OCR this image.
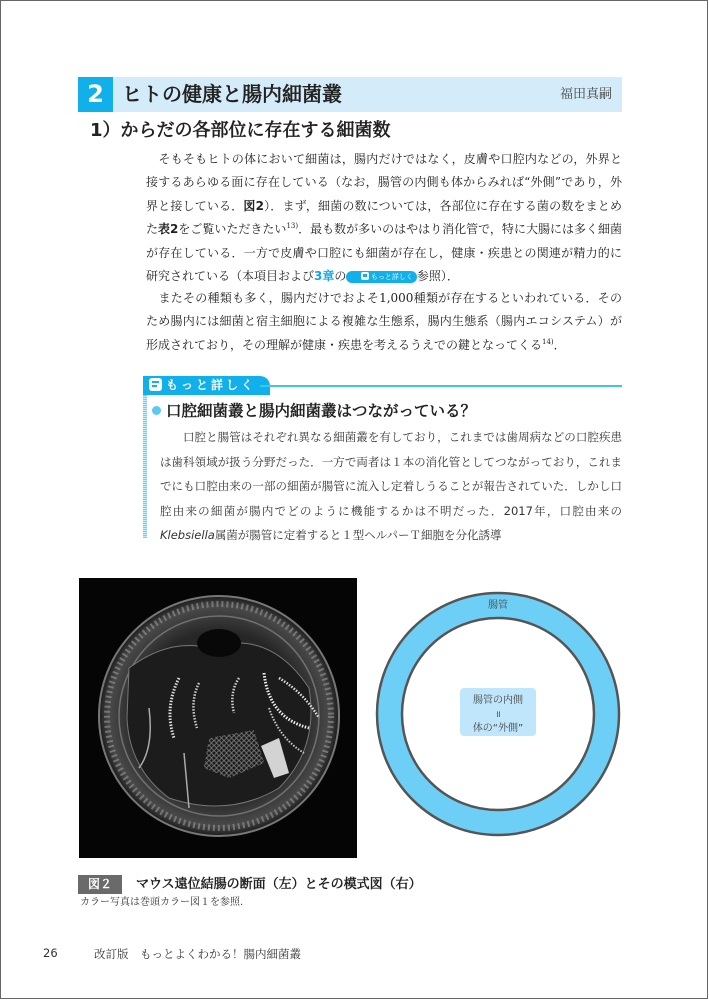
2 ヒトの健康と腸内細菌叢	福田真嗣
1）からだの各部位に存在する細菌数

そもそもヒトの体において細菌は，腸内だけではなく，皮膚や口腔内などの，外界と接するあらゆる面に存在している（なお，腸管の内側も体からみれば“外側”であり，外界と接している．図2）．まず，細菌の数については，各部位に存在する菌の数をまとめた表2をご覧いただきたい$^{13)}$．最も数が多いのはやはり消化管で，特に大腸には多く細菌が存在している．一方で皮膚や口腔にも細菌が存在し，健康・疾患との関連が精力的に研究されている（本項目および3章の	もっと詳しく 参照）．

またその種類も多く，腸内だけでおよそ1,000種類が存在するといわれている．そのため腸内には細菌と宿主細胞による複雑な生態系，腸内生態系（腸内エコシステム）が形成されており，その理解が健康・疾患を考えるうえでの鍵となってくる$^{14)}$．

もっと詳しく
口腔細菌叢と腸内細菌叢はつながっている？

口腔と腸管はそれぞれ異なる細菌叢を有しており，これまでは歯周病などの口腔疾患は歯科領域が扱う分野だった．一方で両者は１本の消化管としてつながっており，これまでにも口腔由来の一部の細菌が腸管に流入し定着しうることが報告されていた．しかし口腔由来の細菌が腸内でどのように機能するかは不明だった．2017年，口腔由来のKlebsiella属菌が腸管に定着すると１型ヘルパーＴ細胞を分化誘導

腸管
腸管の内側
॥
体の“外側”
図２ マウス遠位結腸の断面（左）とその模式図（右）
カラー写真は巻頭カラー図１を参照.
26	改訂版　もっとよくわかる！腸内細菌叢
